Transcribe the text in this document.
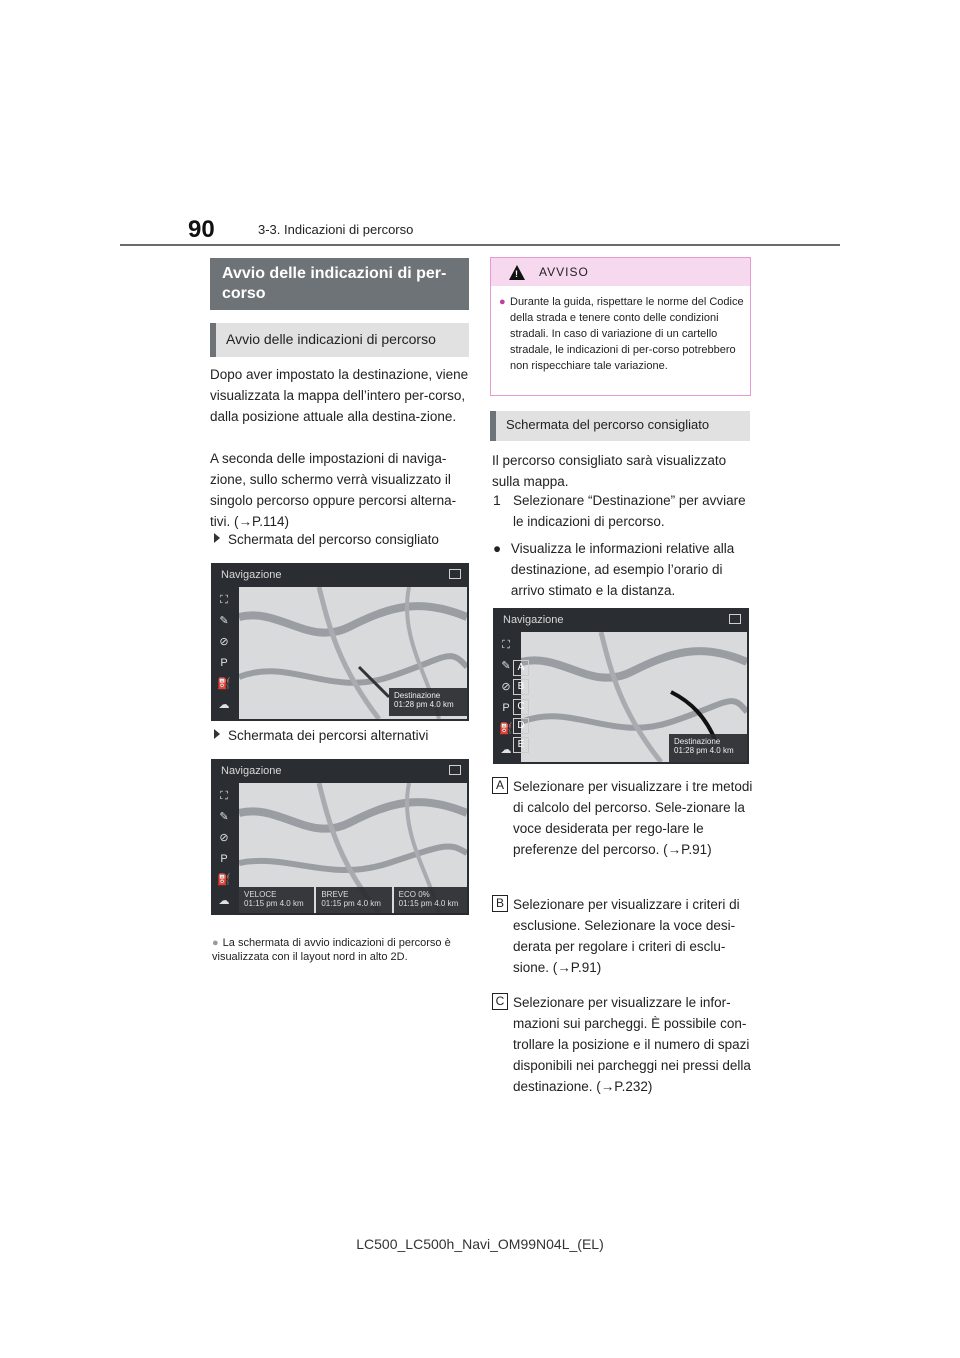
90	3-3. Indicazioni di percorso
Avvio delle indicazioni di per-corso
Avvio delle indicazioni di percorso
Dopo aver impostato la destinazione, viene visualizzata la mappa dell’intero per-corso, dalla posizione attuale alla destina-zione.
A seconda delle impostazioni di naviga-zione, sullo schermo verrà visualizzato il singolo percorso oppure percorsi alterna-tivi. (→P.114)
Schermata del percorso consigliato
Navigazione
⛶
✎
⊘
P
⛽
☁
Destinazione
01:28 pm 4.0 km
Schermata dei percorsi alternativi
Navigazione
⛶
✎
⊘
P
⛽
☁
VELOCE
01:15 pm 4.0 km
BREVE
01:15 pm 4.0 km
ECO 0%
01:15 pm 4.0 km
● La schermata di avvio indicazioni di percorso è visualizzata con il layout nord in alto 2D.
! AVVISO
● Durante la guida, rispettare le norme del Codice della strada e tenere conto delle condizioni stradali. In caso di variazione di un cartello stradale, le indicazioni di per-corso potrebbero non rispecchiare tale variazione.
Schermata del percorso consigliato
Il percorso consigliato sarà visualizzato sulla mappa.
1 Selezionare “Destinazione” per avviare le indicazioni di percorso.
● Visualizza le informazioni relative alla destinazione, ad esempio l’orario di arrivo stimato e la distanza.
Navigazione
⛶
✎
⊘
P
⛽
☁
A
B
C
D
E	Destinazione
01:28 pm 4.0 km
A Selezionare per visualizzare i tre metodi di calcolo del percorso. Sele-zionare la voce desiderata per rego-lare le preferenze del percorso. (→P.91)
B Selezionare per visualizzare i criteri di esclusione. Selezionare la voce desi-derata per regolare i criteri di esclu-sione. (→P.91)
C Selezionare per visualizzare le infor-mazioni sui parcheggi. È possibile con-trollare la posizione e il numero di spazi disponibili nei parcheggi nei pressi della destinazione. (→P.232)
LC500_LC500h_Navi_OM99N04L_(EL)
